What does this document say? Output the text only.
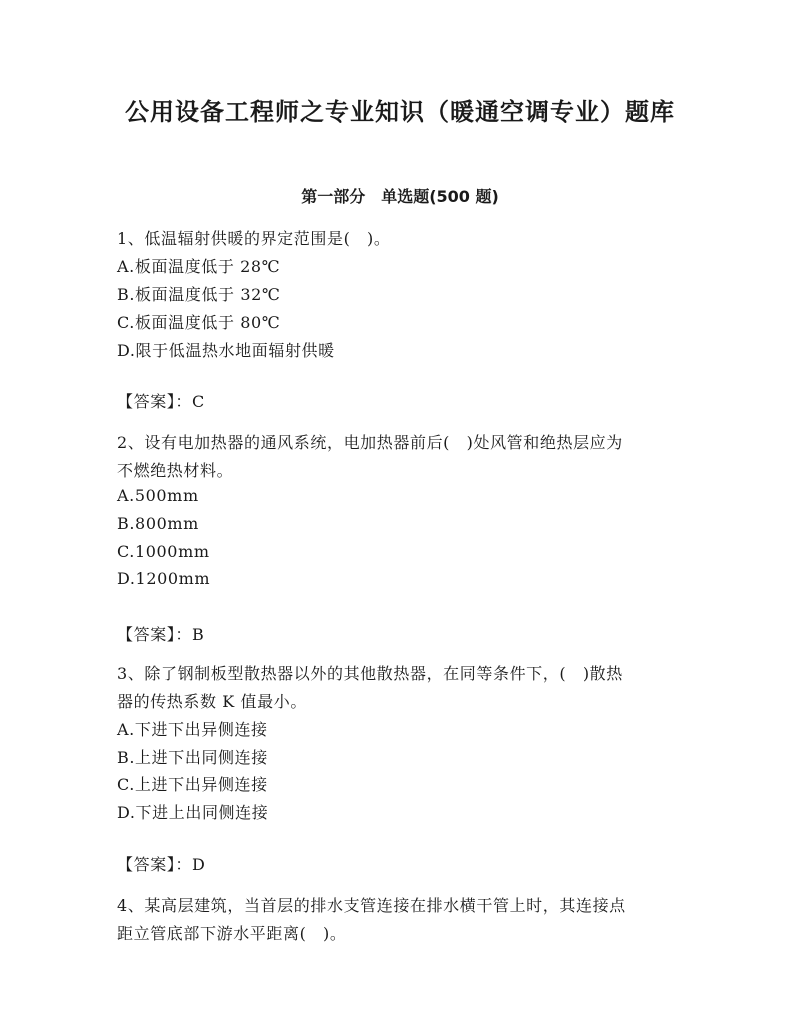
公用设备工程师之专业知识（暖通空调专业）题库
第一部分　单选题(500 题)
1、低温辐射供暖的界定范围是(　)。
A.板面温度低于 28℃
B.板面温度低于 32℃
C.板面温度低于 80℃
D.限于低温热水地面辐射供暖
【答案】：C
2、设有电加热器的通风系统，电加热器前后(　)处风管和绝热层应为
不燃绝热材料。
A.500mm
B.800mm
C.1000mm
D.1200mm
【答案】：B
3、除了钢制板型散热器以外的其他散热器，在同等条件下，(　)散热
器的传热系数 K 值最小。
A.下进下出异侧连接
B.上进下出同侧连接
C.上进下出异侧连接
D.下进上出同侧连接
【答案】：D
4、某高层建筑，当首层的排水支管连接在排水横干管上时，其连接点
距立管底部下游水平距离(　)。
